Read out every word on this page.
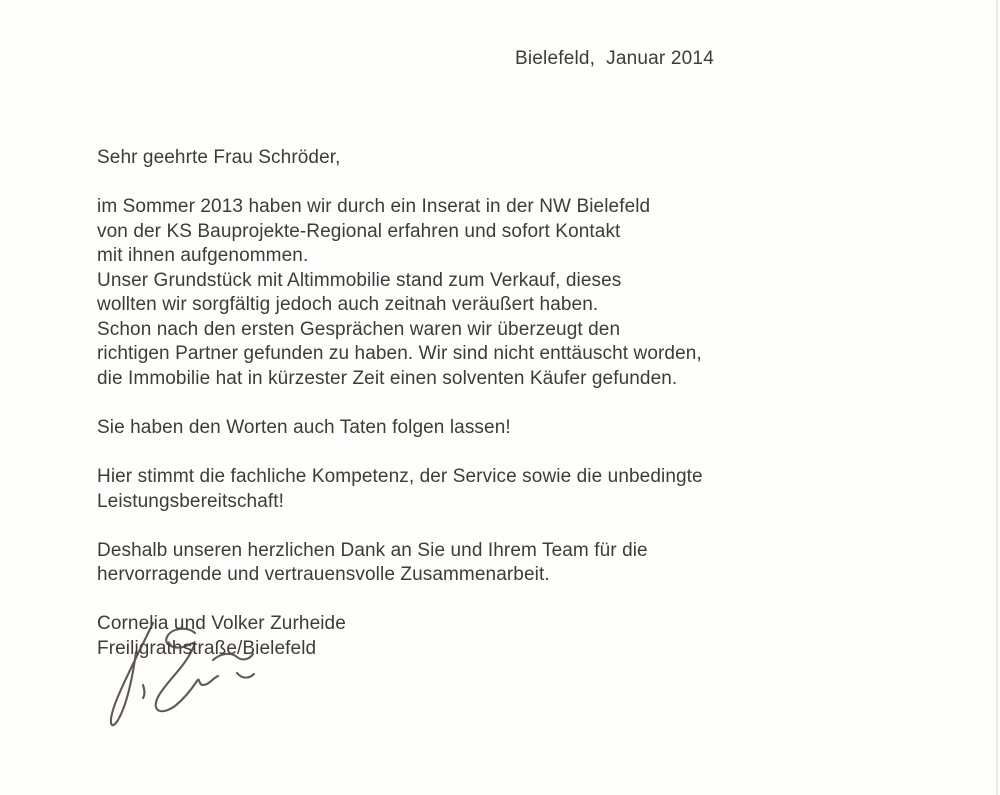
Bielefeld,  Januar 2014
Sehr geehrte Frau Schröder,
im Sommer 2013 haben wir durch ein Inserat in der NW Bielefeld
von der KS Bauprojekte-Regional erfahren und sofort Kontakt
mit ihnen aufgenommen.
Unser Grundstück mit Altimmobilie stand zum Verkauf, dieses
wollten wir sorgfältig jedoch auch zeitnah veräußert haben.
Schon nach den ersten Gesprächen waren wir überzeugt den
richtigen Partner gefunden zu haben. Wir sind nicht enttäuscht worden,
die Immobilie hat in kürzester Zeit einen solventen Käufer gefunden.
Sie haben den Worten auch Taten folgen lassen!
Hier stimmt die fachliche Kompetenz, der Service sowie die unbedingte
Leistungsbereitschaft!
Deshalb unseren herzlichen Dank an Sie und Ihrem Team für die
hervorragende und vertrauensvolle Zusammenarbeit.
Cornelia und Volker Zurheide
Freiligrathstraße/Bielefeld
